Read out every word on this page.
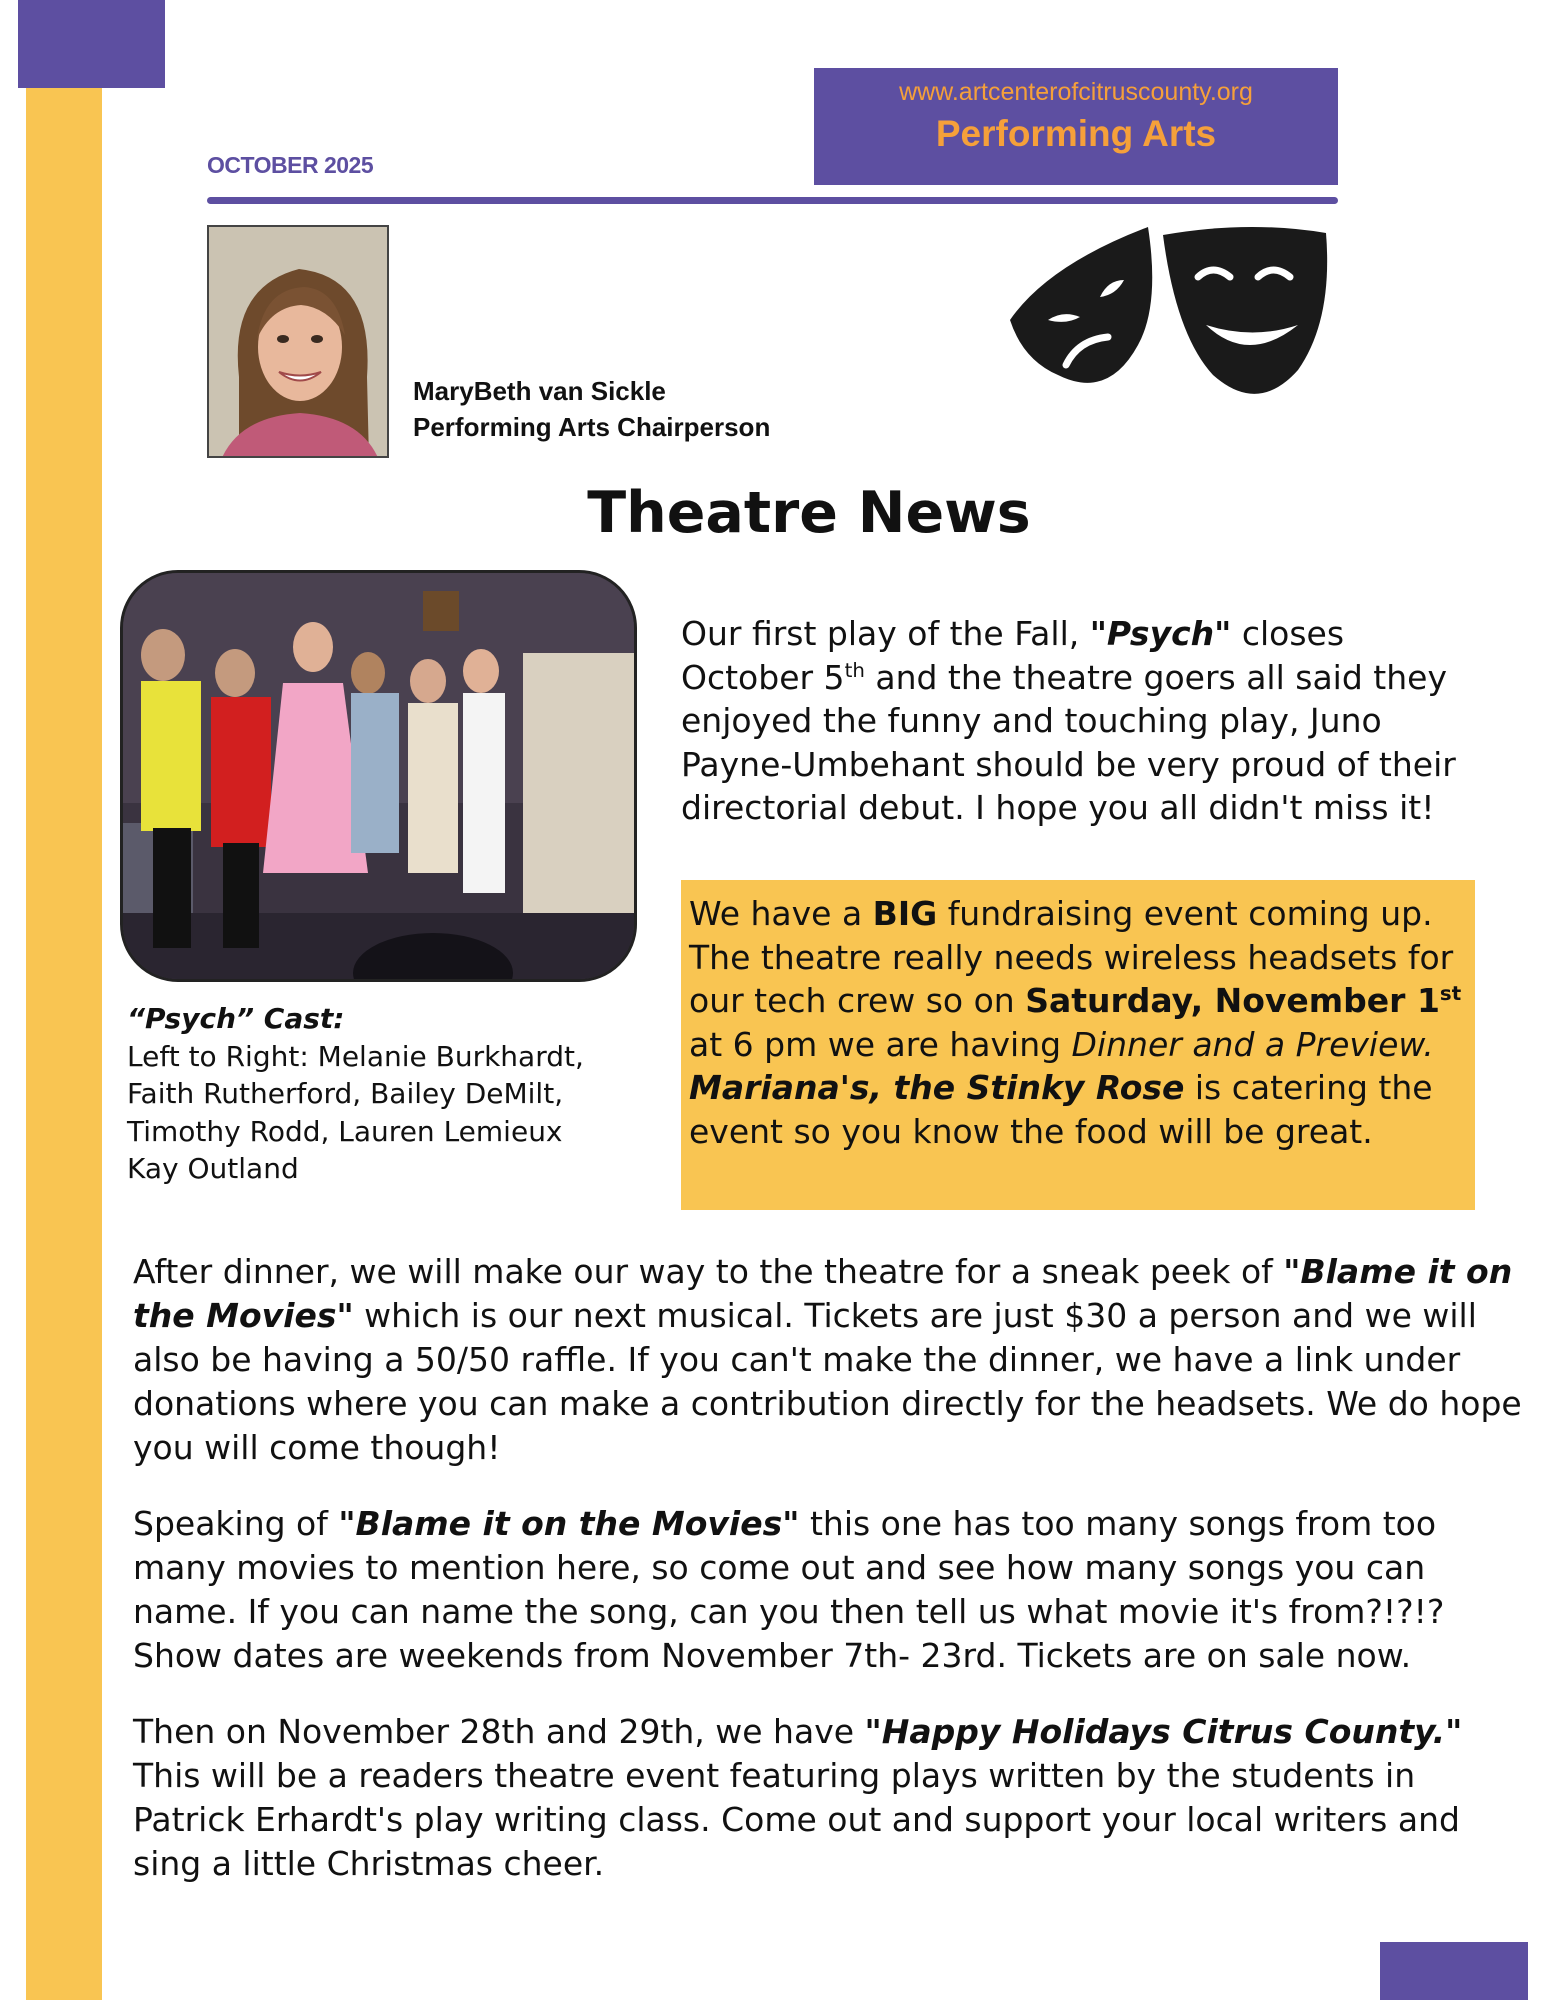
www.artcenterofcitruscounty.org
Performing Arts
OCTOBER 2025
MaryBeth van Sickle
Performing Arts Chairperson
Theatre News
“Psych” Cast:
Left to Right: Melanie Burkhardt,
Faith Rutherford, Bailey DeMilt,
Timothy Rodd, Lauren Lemieux
Kay Outland

Our first play of the Fall, "Psych" closes October 5th and the theatre goers all said they enjoyed the funny and touching play, Juno Payne-Umbehant should be very proud of their directorial debut. I hope you all didn't miss it!

We have a BIG fundraising event coming up. The theatre really needs wireless headsets for our tech crew so on Saturday, November 1st at 6 pm we are having Dinner and a Preview. Mariana's, the Stinky Rose is catering the event so you know the food will be great.

After dinner, we will make our way to the theatre for a sneak peek of "Blame it on the Movies" which is our next musical. Tickets are just $30 a person and we will also be having a 50/50 raffle. If you can't make the dinner, we have a link under donations where you can make a contribution directly for the headsets. We do hope you will come though!

Speaking of "Blame it on the Movies" this one has too many songs from too many movies to mention here, so come out and see how many songs you can name. If you can name the song, can you then tell us what movie it's from?!?!? Show dates are weekends from November 7th- 23rd. Tickets are on sale now.

Then on November 28th and 29th, we have "Happy Holidays Citrus County." This will be a readers theatre event featuring plays written by the students in Patrick Erhardt's play writing class. Come out and support your local writers and sing a little Christmas cheer.
